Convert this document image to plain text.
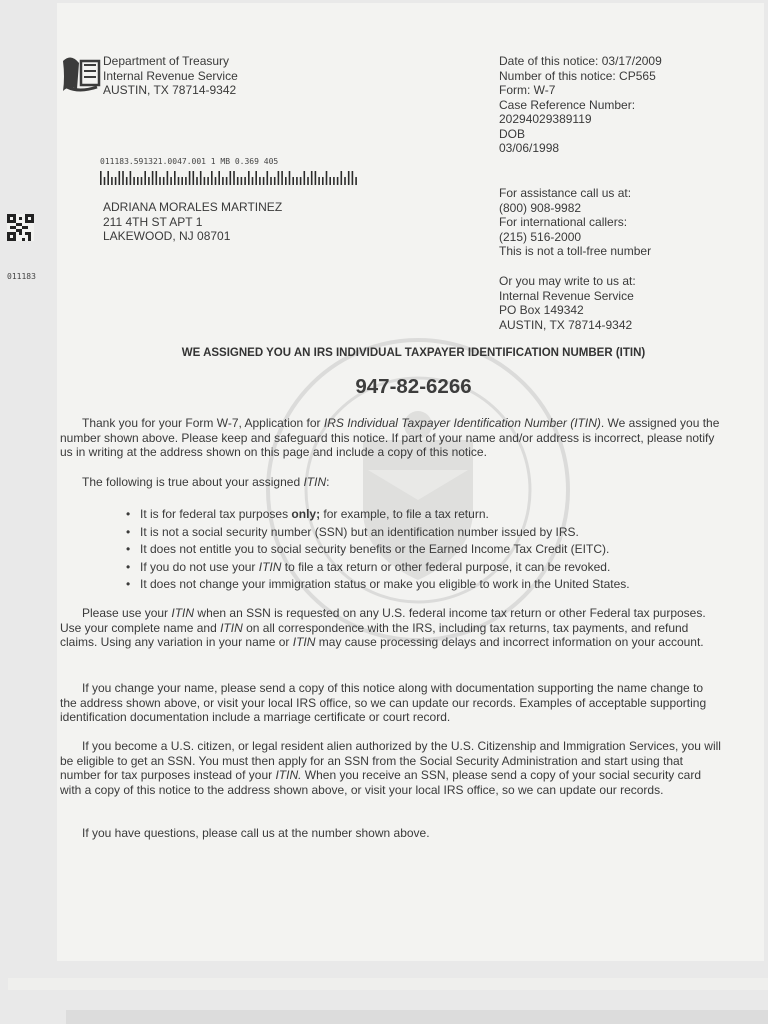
Department of Treasury
Internal Revenue Service
AUSTIN, TX 78714-9342
Date of this notice: 03/17/2009
Number of this notice: CP565
Form: W-7
Case Reference Number:
20294029389119
DOB
03/06/1998
011183.591321.0047.001 1 MB 0.369 405
011183
ADRIANA MORALES MARTINEZ
211 4TH ST APT 1
LAKEWOOD, NJ 08701
For assistance call us at:
(800) 908-9982
For international callers:
(215) 516-2000
This is not a toll-free number
Or you may write to us at:
Internal Revenue Service
PO Box 149342
AUSTIN, TX 78714-9342
WE ASSIGNED YOU AN IRS INDIVIDUAL TAXPAYER IDENTIFICATION NUMBER (ITIN)
947-82-6266

Thank you for your Form W-7, Application for IRS Individual Taxpayer Identification Number (ITIN). We assigned you the number shown above. Please keep and safeguard this notice. If part of your name and/or address is incorrect, please notify us in writing at the address shown on this page and include a copy of this notice.

The following is true about your assigned ITIN:
• It is for federal tax purposes only; for example, to file a tax return.
• It is not a social security number (SSN) but an identification number issued by IRS.
• It does not entitle you to social security benefits or the Earned Income Tax Credit (EITC).
• If you do not use your ITIN to file a tax return or other federal purpose, it can be revoked.
• It does not change your immigration status or make you eligible to work in the United States.

Please use your ITIN when an SSN is requested on any U.S. federal income tax return or other Federal tax purposes. Use your complete name and ITIN on all correspondence with the IRS, including tax returns, tax payments, and refund claims. Using any variation in your name or ITIN may cause processing delays and incorrect information on your account.

If you change your name, please send a copy of this notice along with documentation supporting the name change to the address shown above, or visit your local IRS office, so we can update our records. Examples of acceptable supporting identification documentation include a marriage certificate or court record.

If you become a U.S. citizen, or legal resident alien authorized by the U.S. Citizenship and Immigration Services, you will be eligible to get an SSN. You must then apply for an SSN from the Social Security Administration and start using that number for tax purposes instead of your ITIN. When you receive an SSN, please send a copy of your social security card with a copy of this notice to the address shown above, or visit your local IRS office, so we can update our records.

If you have questions, please call us at the number shown above.
